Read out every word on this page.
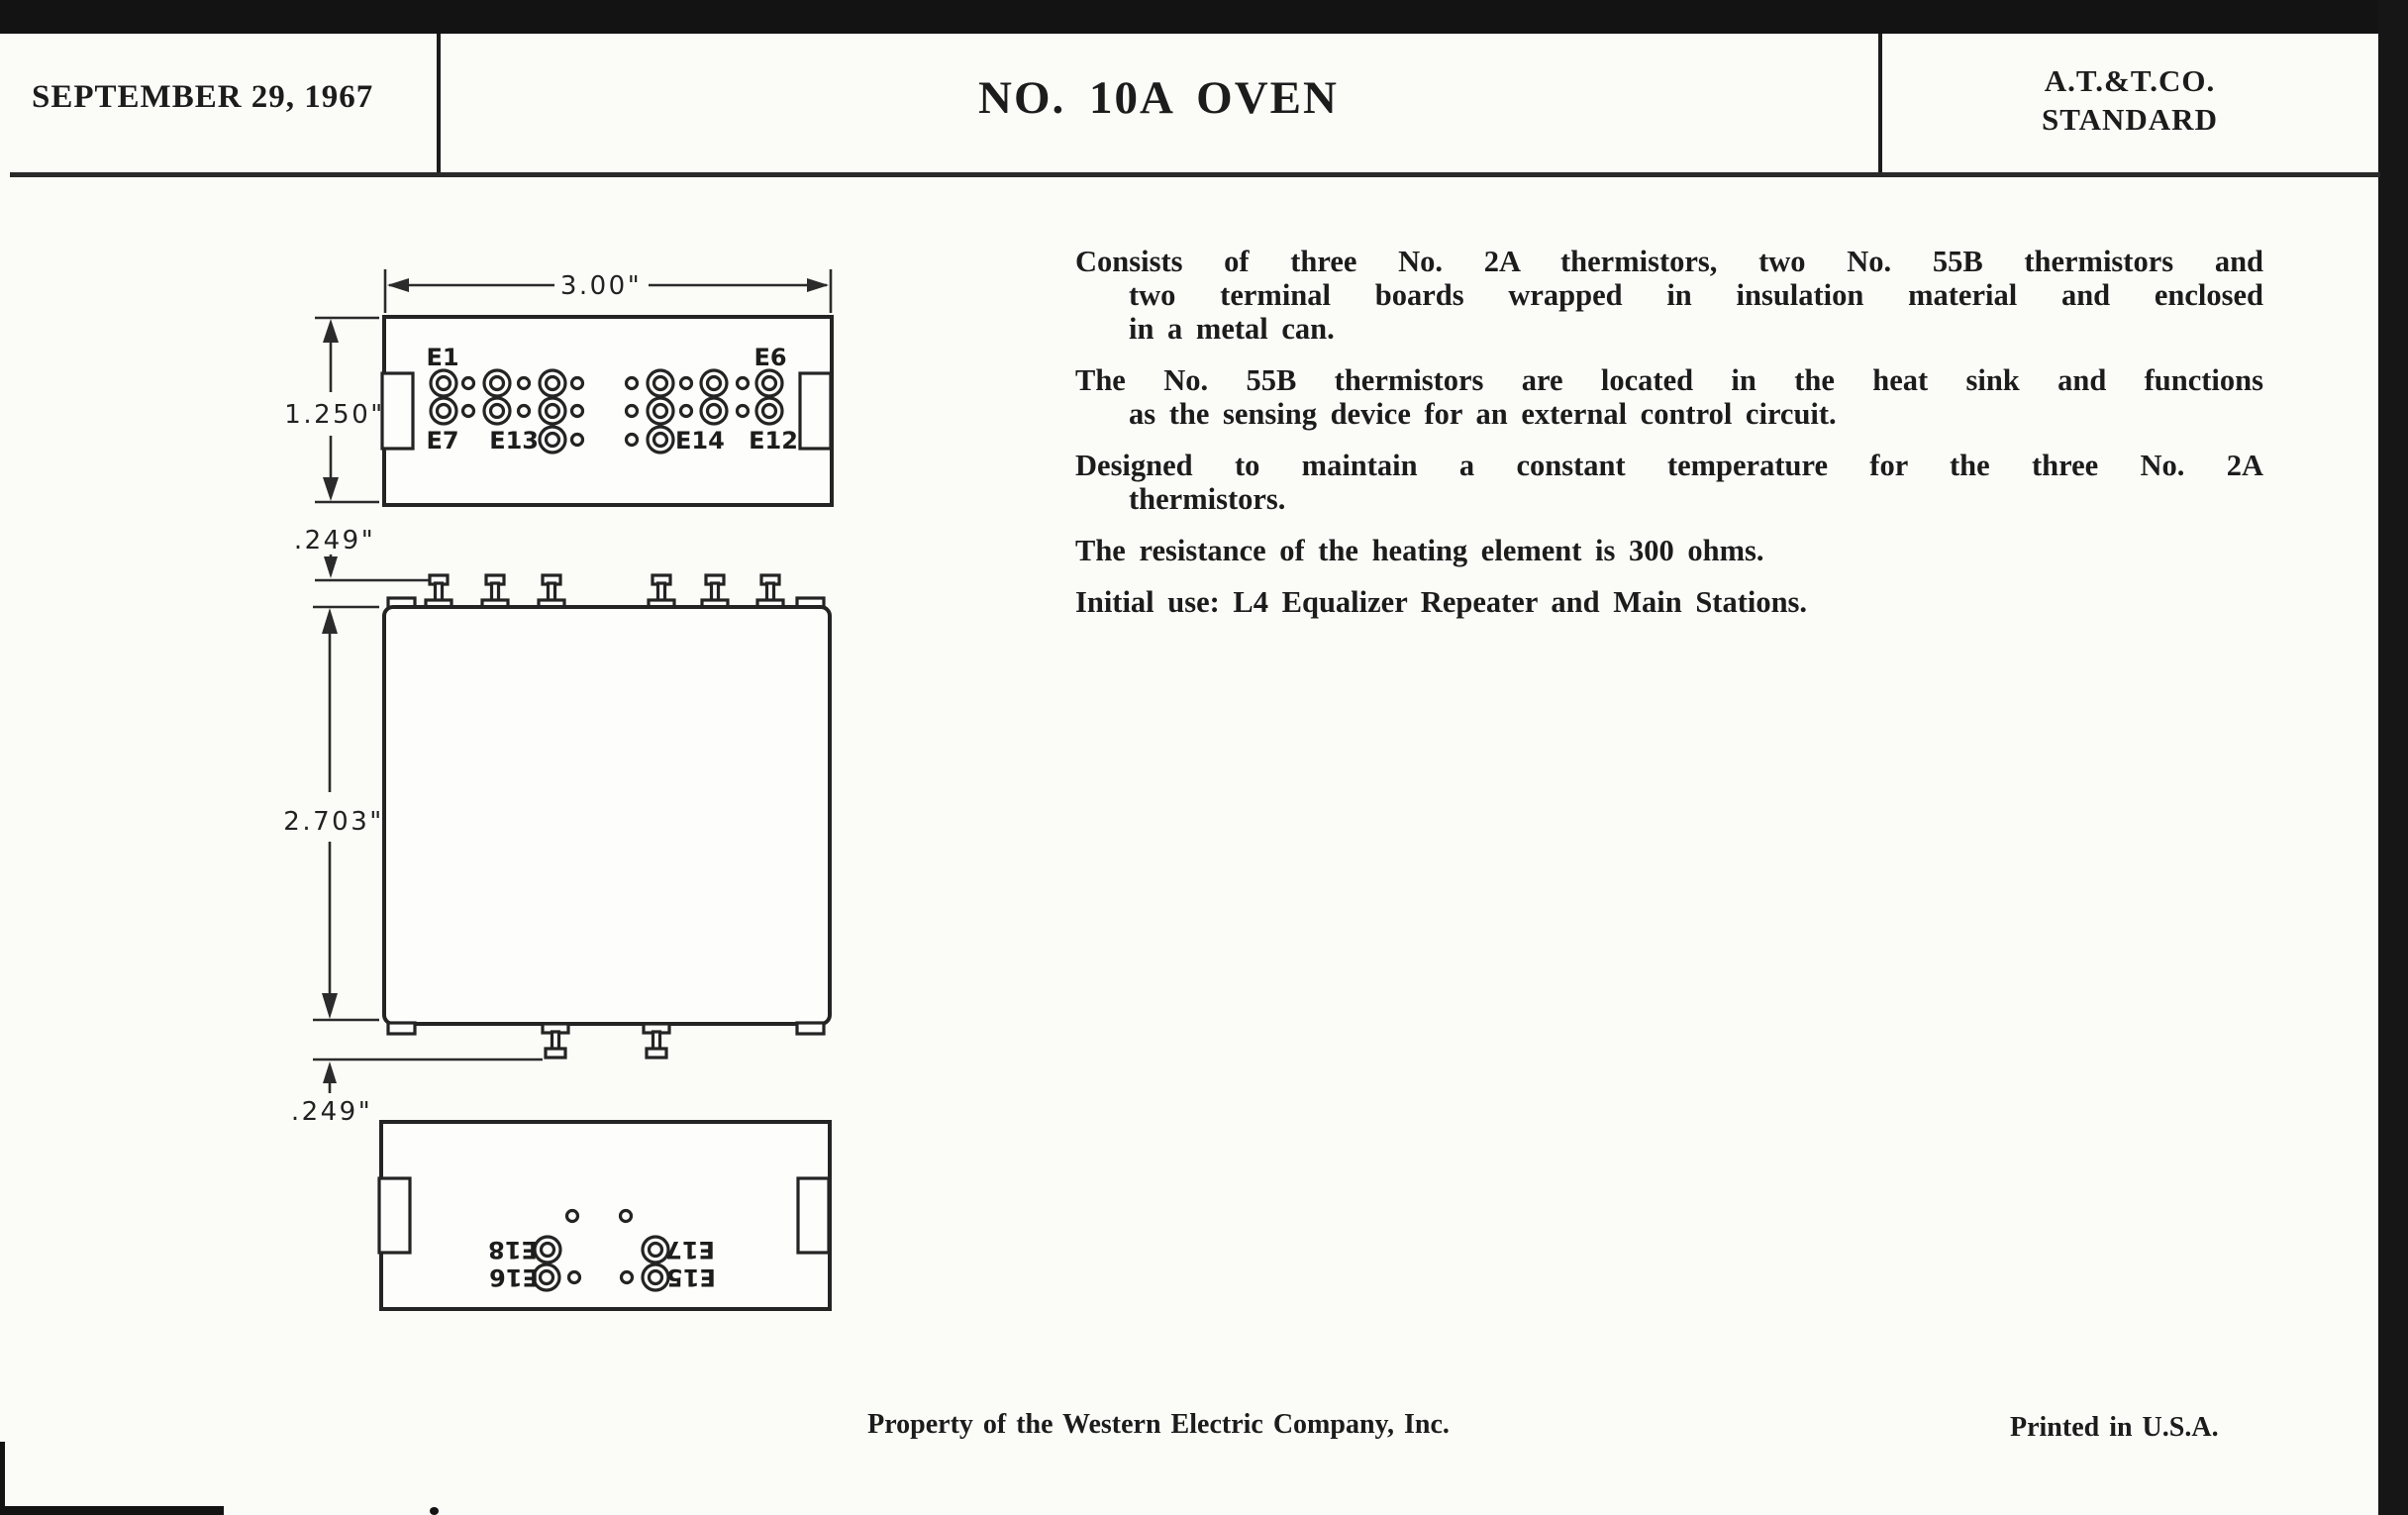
SEPTEMBER 29, 1967	NO. 10A OVEN	A.T.&T.CO.
STANDARD
Consists of three No. 2A thermistors, two No. 55B thermistors and
two terminal boards wrapped in insulation material and enclosed
in a metal can.
The No. 55B thermistors are located in the heat sink and functions
as the sensing device for an external control circuit.
Designed to maintain a constant temperature for the three No. 2A
thermistors.
The resistance of the heating element is 300 ohms.
Initial use: L4 Equalizer Repeater and Main Stations.
3.00"
1.250"
E1	E6
E7 E13	E14 E12
.249"
2.703"
.249"
E18	E17
E16	E15
Property of the Western Electric Company, Inc.	Printed in U.S.A.
